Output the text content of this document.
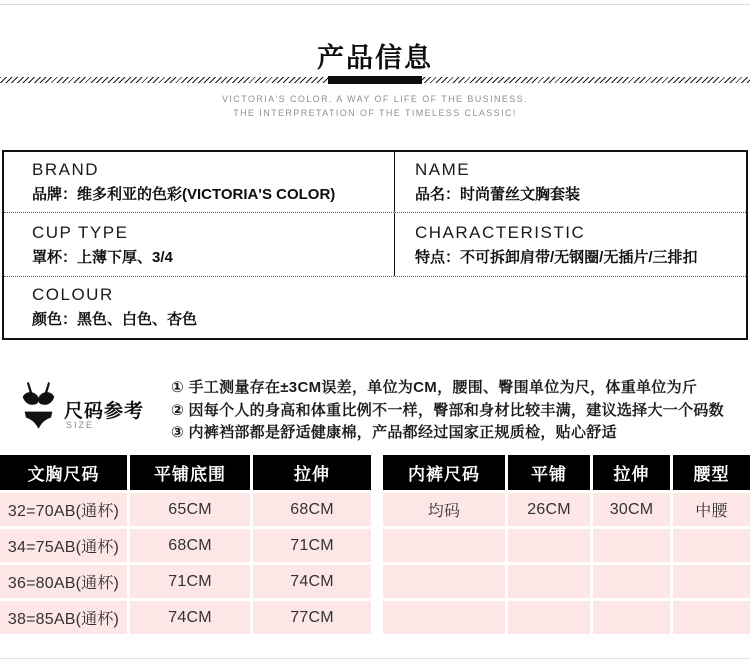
产品信息
VICTORIA'S COLOR. A WAY OF LIFE OF THE BUSINESS.
THE INTERPRETATION OF THE TIMELESS CLASSIC!
BRAND
品牌：维多利亚的色彩(VICTORIA'S COLOR)
NAME
品名：时尚蕾丝文胸套装
CUP TYPE
罩杯：上薄下厚、3/4
CHARACTERISTIC
特点：不可拆卸肩带/无钢圈/无插片/三排扣
COLOUR
颜色：黑色、白色、杏色
尺码参考
SIZE
① 手工测量存在±3CM误差，单位为CM，腰围、臀围单位为尺，体重单位为斤
② 因每个人的身高和体重比例不一样，臀部和身材比较丰满，建议选择大一个码数
③ 内裤裆部都是舒适健康棉，产品都经过国家正规质检，贴心舒适
文胸尺码	平铺底围	拉伸
32=70AB(通杯)	65CM	68CM
34=75AB(通杯)	68CM	71CM
36=80AB(通杯)	71CM	74CM
38=85AB(通杯)	74CM	77CM
内裤尺码	平铺	拉伸	腰型
均码	26CM	30CM	中腰
